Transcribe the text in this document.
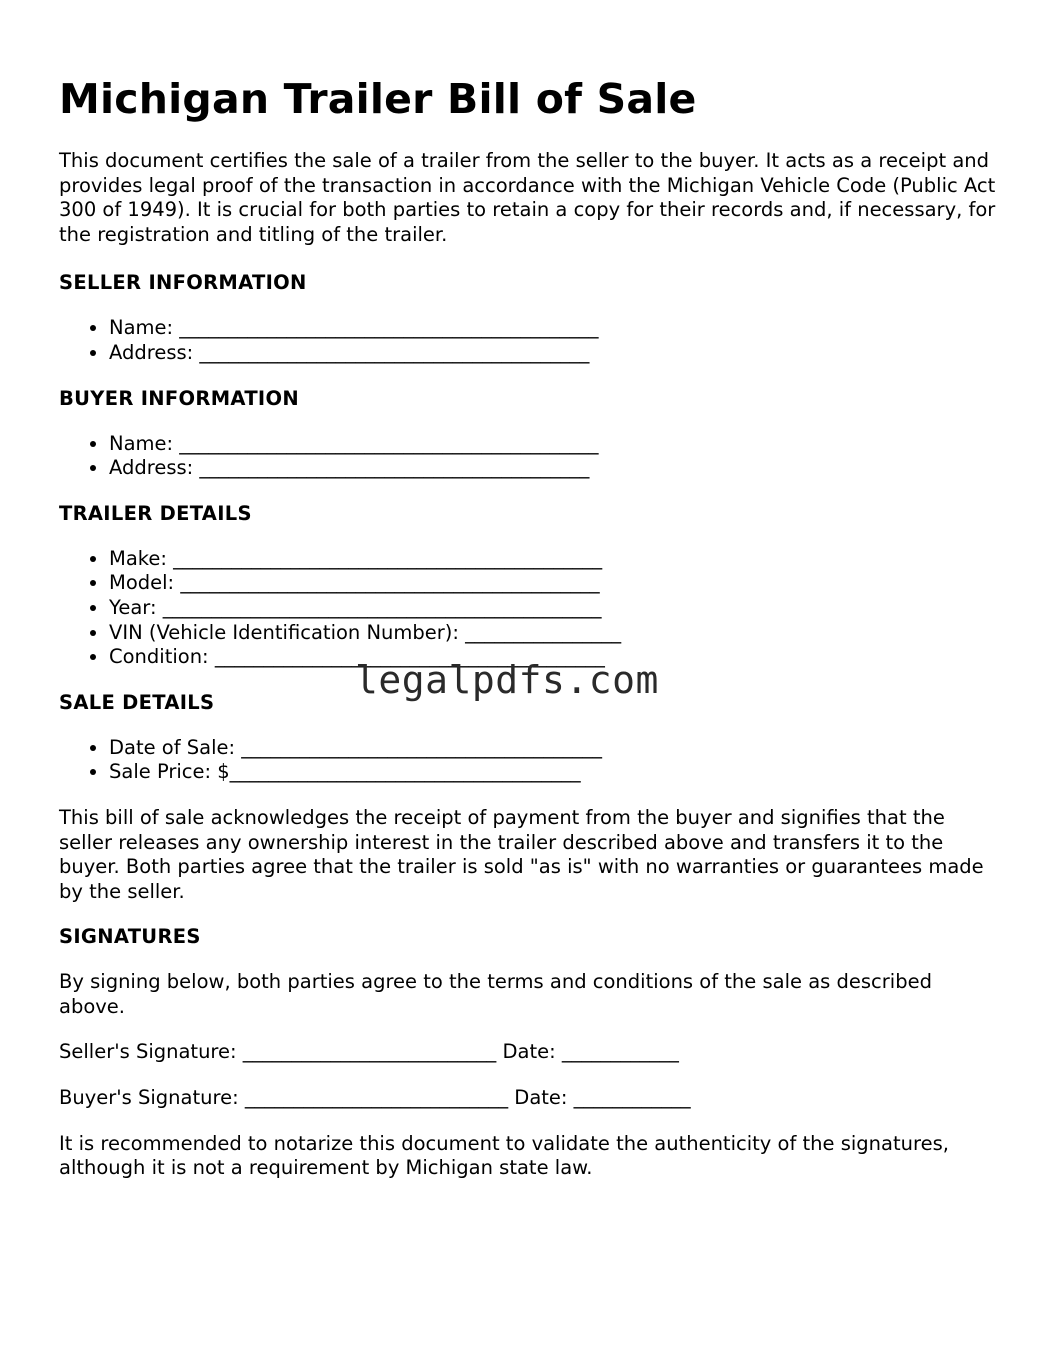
Michigan Trailer Bill of Sale

This document certifies the sale of a trailer from the seller to the buyer. It acts as a receipt and provides legal proof of the transaction in accordance with the Michigan Vehicle Code (Public Act 300 of 1949). It is crucial for both parties to retain a copy for their records and, if necessary, for the registration and titling of the trailer.

SELLER INFORMATION
• Name: ___________________________________________
• Address: ________________________________________
BUYER INFORMATION
• Name: ___________________________________________
• Address: ________________________________________
TRAILER DETAILS
• Make: ____________________________________________
• Model: ___________________________________________
• Year: _____________________________________________
• VIN (Vehicle Identification Number): ________________
• Condition: ________________________________________
SALE DETAILS
• Date of Sale: _____________________________________
• Sale Price: $____________________________________

This bill of sale acknowledges the receipt of payment from the buyer and signifies that the seller releases any ownership interest in the trailer described above and transfers it to the buyer. Both parties agree that the trailer is sold "as is" with no warranties or guarantees made by the seller.

SIGNATURES

By signing below, both parties agree to the terms and conditions of the sale as described above.

Seller's Signature: __________________________ Date: ____________

Buyer's Signature: ___________________________ Date: ____________

It is recommended to notarize this document to validate the authenticity of the signatures, although it is not a requirement by Michigan state law.

legalpdfs.com
